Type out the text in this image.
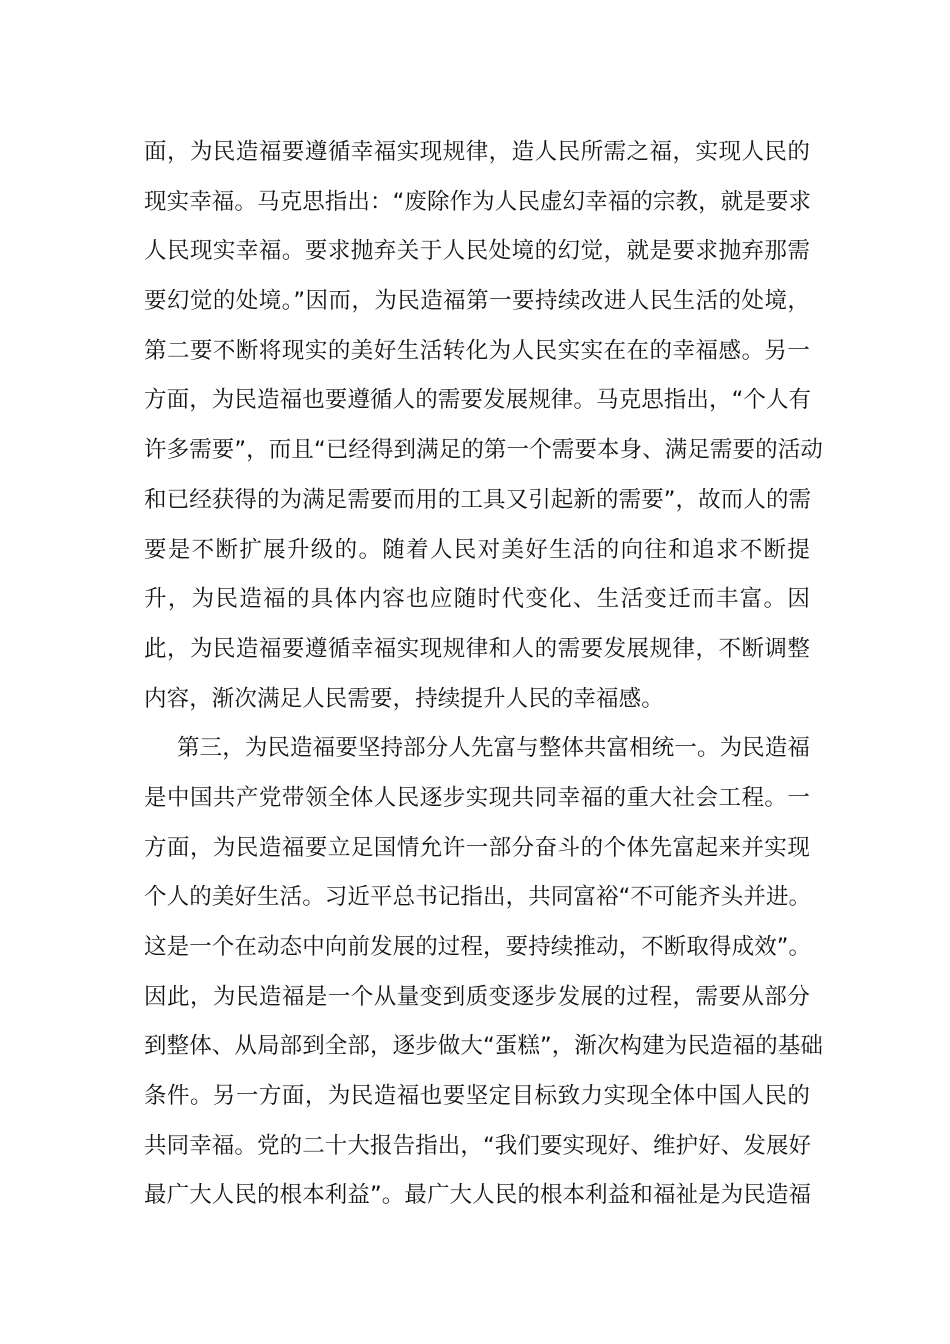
面，为民造福要遵循幸福实现规律，造人民所需之福，实现人民的
现实幸福。马克思指出：“废除作为人民虚幻幸福的宗教，就是要求
人民现实幸福。要求抛弃关于人民处境的幻觉，就是要求抛弃那需
要幻觉的处境。”因而，为民造福第一要持续改进人民生活的处境，
第二要不断将现实的美好生活转化为人民实实在在的幸福感。另一
方面，为民造福也要遵循人的需要发展规律。马克思指出，“个人有
许多需要”，而且“已经得到满足的第一个需要本身、满足需要的活动
和已经获得的为满足需要而用的工具又引起新的需要”，故而人的需
要是不断扩展升级的。随着人民对美好生活的向往和追求不断提
升，为民造福的具体内容也应随时代变化、生活变迁而丰富。因
此，为民造福要遵循幸福实现规律和人的需要发展规律，不断调整
内容，渐次满足人民需要，持续提升人民的幸福感。
第三，为民造福要坚持部分人先富与整体共富相统一。为民造福
是中国共产党带领全体人民逐步实现共同幸福的重大社会工程。一
方面，为民造福要立足国情允许一部分奋斗的个体先富起来并实现
个人的美好生活。习近平总书记指出，共同富裕“不可能齐头并进。
这是一个在动态中向前发展的过程，要持续推动，不断取得成效”。
因此，为民造福是一个从量变到质变逐步发展的过程，需要从部分
到整体、从局部到全部，逐步做大“蛋糕”，渐次构建为民造福的基础
条件。另一方面，为民造福也要坚定目标致力实现全体中国人民的
共同幸福。党的二十大报告指出，“我们要实现好、维护好、发展好
最广大人民的根本利益”。最广大人民的根本利益和福祉是为民造福
